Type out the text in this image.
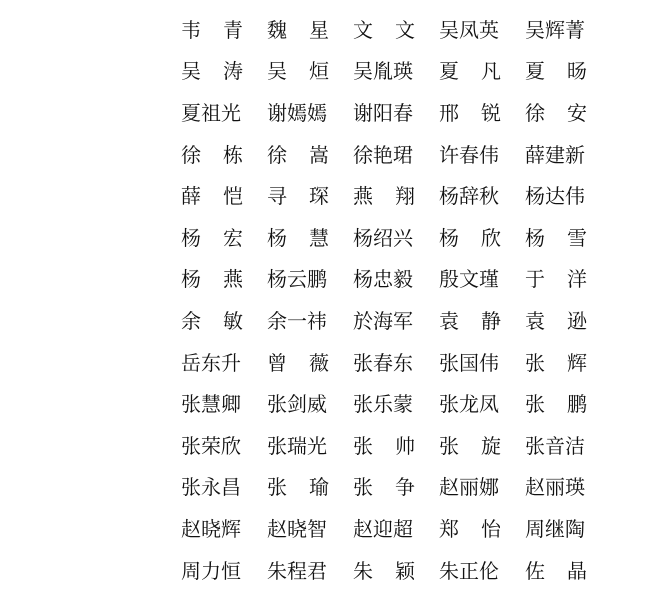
韦 青	魏 星	文 文	吴凤英	吴辉菁
吴 涛	吴 烜	吴胤瑛	夏 凡	夏 旸
夏祖光	谢嫣嫣	谢阳春	邢 锐	徐 安
徐 栋	徐 嵩	徐艳珺	许春伟	薛建新
薛 恺	寻 琛	燕 翔	杨辞秋	杨达伟
杨 宏	杨 慧	杨绍兴	杨 欣	杨 雪
杨 燕	杨云鹏	杨忠毅	殷文瑾	于 洋
余 敏	余一祎	於海军	袁 静	袁 逊
岳东升	曾 薇	张春东	张国伟	张 辉
张慧卿	张剑威	张乐蒙	张龙凤	张 鹏
张荣欣	张瑞光	张 帅	张 旋	张音洁
张永昌	张 瑜	张 争	赵丽娜	赵丽瑛
赵晓辉	赵晓智	赵迎超	郑 怡	周继陶
周力恒	朱程君	朱 颖	朱正伦	佐 晶
